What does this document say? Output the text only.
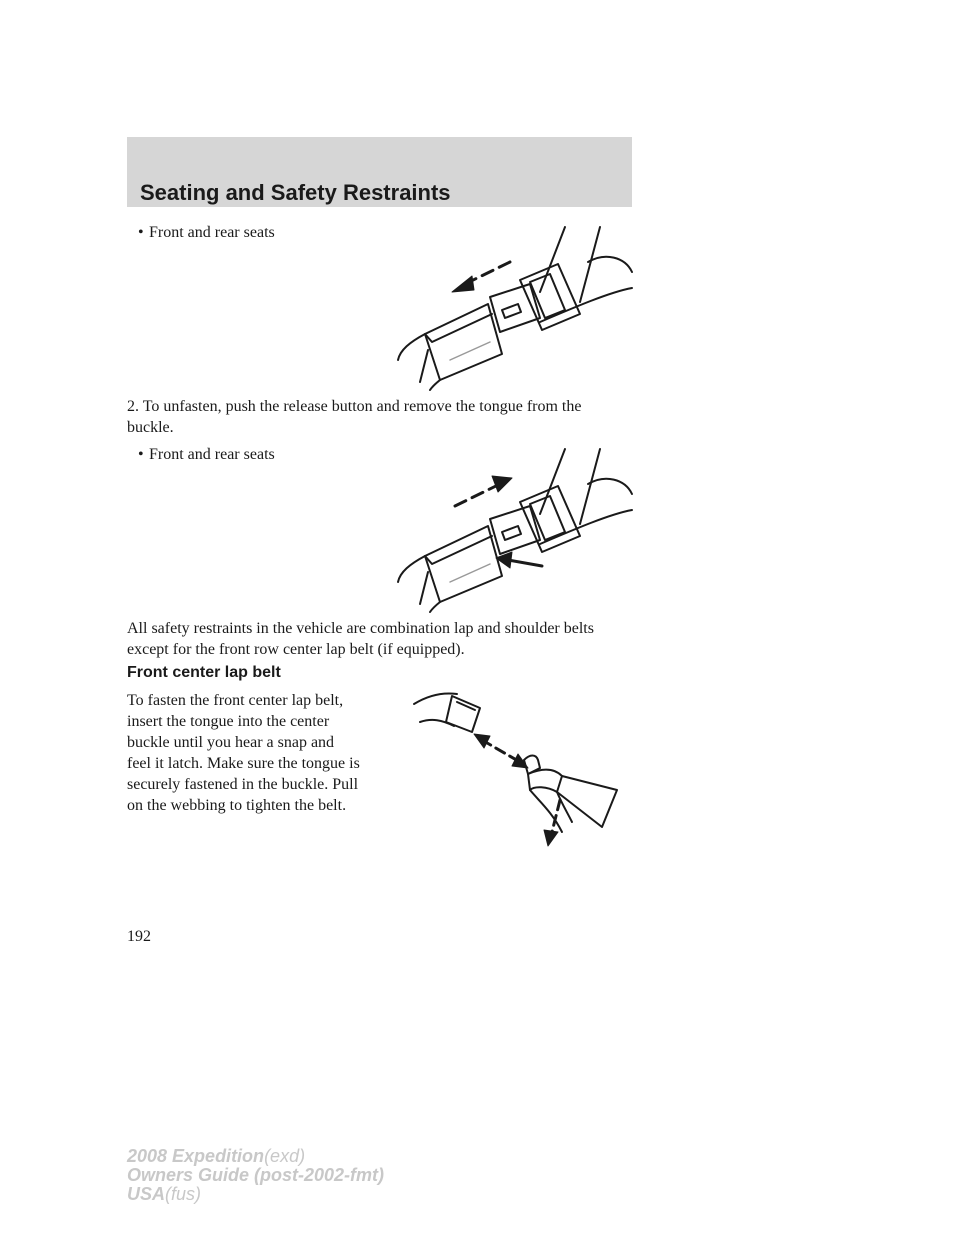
Seating and Safety Restraints
• Front and rear seats
2. To unfasten, push the release button and remove the tongue from the
buckle.
• Front and rear seats
All safety restraints in the vehicle are combination lap and shoulder belts
except for the front row center lap belt (if equipped).
Front center lap belt
To fasten the front center lap belt,
insert the tongue into the center
buckle until you hear a snap and
feel it latch. Make sure the tongue is
securely fastened in the buckle. Pull
on the webbing to tighten the belt.
192
2008 Expedition(exd)
Owners Guide (post-2002-fmt)
USA(fus)
